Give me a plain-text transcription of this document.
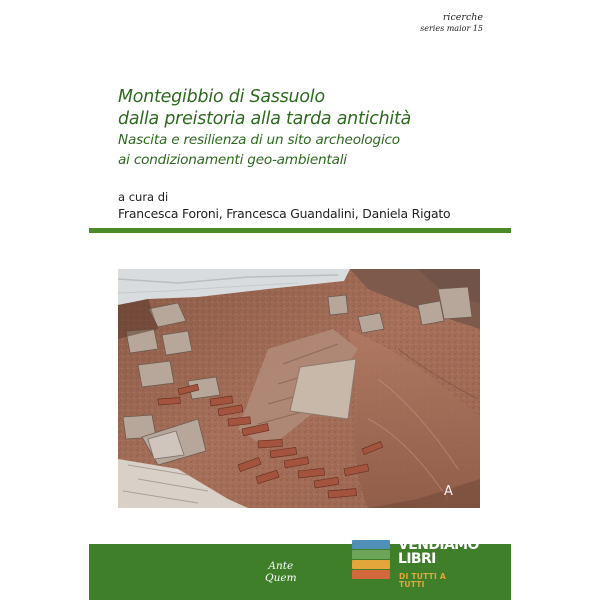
ricerche
series maior 15
Montegibbio di Sassuolo
dalla preistoria alla tarda antichità
Nascita e resilienza di un sito archeologico
ai condizionamenti geo-ambientali
a cura di
Francesca Foroni, Francesca Guandalini, Daniela Rigato
A
Ante
Quem
VENDIAMO
LIBRI
DI TUTTI A TUTTI
